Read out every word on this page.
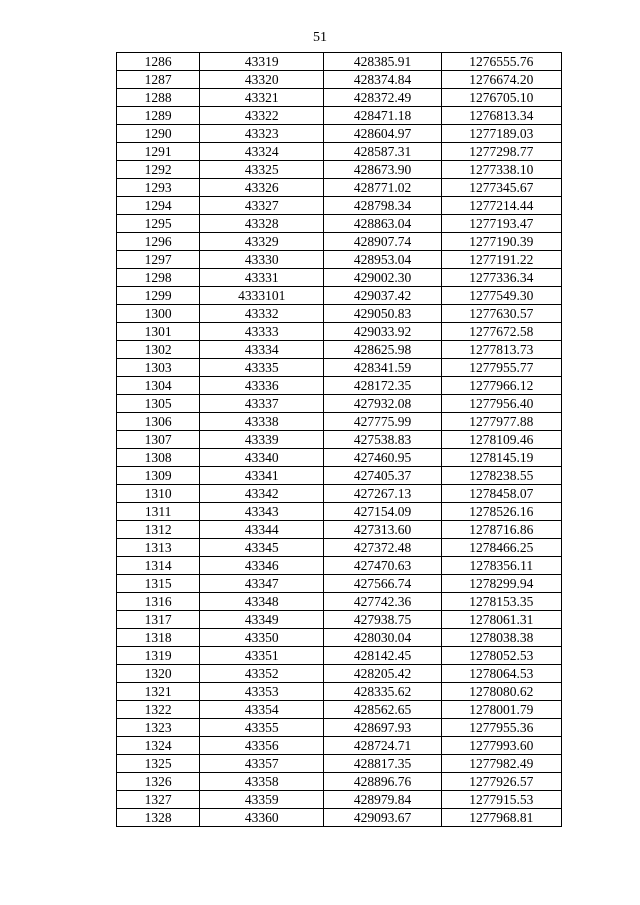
51
1286	43319	428385.91	1276555.76
1287	43320	428374.84	1276674.20
1288	43321	428372.49	1276705.10
1289	43322	428471.18	1276813.34
1290	43323	428604.97	1277189.03
1291	43324	428587.31	1277298.77
1292	43325	428673.90	1277338.10
1293	43326	428771.02	1277345.67
1294	43327	428798.34	1277214.44
1295	43328	428863.04	1277193.47
1296	43329	428907.74	1277190.39
1297	43330	428953.04	1277191.22
1298	43331	429002.30	1277336.34
1299	4333101	429037.42	1277549.30
1300	43332	429050.83	1277630.57
1301	43333	429033.92	1277672.58
1302	43334	428625.98	1277813.73
1303	43335	428341.59	1277955.77
1304	43336	428172.35	1277966.12
1305	43337	427932.08	1277956.40
1306	43338	427775.99	1277977.88
1307	43339	427538.83	1278109.46
1308	43340	427460.95	1278145.19
1309	43341	427405.37	1278238.55
1310	43342	427267.13	1278458.07
1311	43343	427154.09	1278526.16
1312	43344	427313.60	1278716.86
1313	43345	427372.48	1278466.25
1314	43346	427470.63	1278356.11
1315	43347	427566.74	1278299.94
1316	43348	427742.36	1278153.35
1317	43349	427938.75	1278061.31
1318	43350	428030.04	1278038.38
1319	43351	428142.45	1278052.53
1320	43352	428205.42	1278064.53
1321	43353	428335.62	1278080.62
1322	43354	428562.65	1278001.79
1323	43355	428697.93	1277955.36
1324	43356	428724.71	1277993.60
1325	43357	428817.35	1277982.49
1326	43358	428896.76	1277926.57
1327	43359	428979.84	1277915.53
1328	43360	429093.67	1277968.81
